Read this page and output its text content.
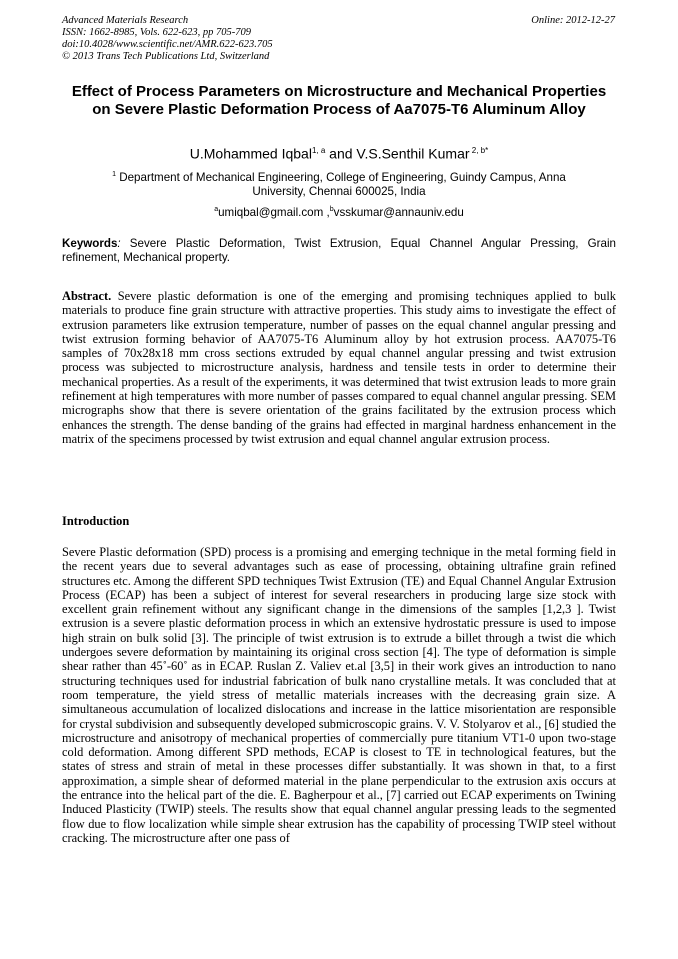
Advanced Materials Research
ISSN: 1662-8985, Vols. 622-623, pp 705-709
doi:10.4028/www.scientific.net/AMR.622-623.705
© 2013 Trans Tech Publications Ltd, Switzerland
Online: 2012-12-27
Effect of Process Parameters on Microstructure and Mechanical Properties on Severe Plastic Deformation Process of Aa7075-T6 Aluminum Alloy
U.Mohammed Iqbal$^{1, a}$ and V.S.Senthil Kumar $^{2, b*}$
$^1$ Department of Mechanical Engineering, College of Engineering, Guindy Campus, Anna University, Chennai 600025, India
$^a$umiqbal@gmail.com ,$^b$vsskumar@annauniv.edu
Keywords: Severe Plastic Deformation, Twist Extrusion, Equal Channel Angular Pressing, Grain refinement, Mechanical property.
Abstract. Severe plastic deformation is one of the emerging and promising techniques applied to bulk materials to produce fine grain structure with attractive properties. This study aims to investigate the effect of extrusion parameters like extrusion temperature, number of passes on the equal channel angular pressing and twist extrusion forming behavior of AA7075-T6 Aluminum alloy by hot extrusion process. AA7075-T6 samples of 70x28x18 mm cross sections extruded by equal channel angular pressing and twist extrusion process was subjected to microstructure analysis, hardness and tensile tests in order to determine their mechanical properties. As a result of the experiments, it was determined that twist extrusion leads to more grain refinement at high temperatures with more number of passes compared to equal channel angular pressing. SEM micrographs show that there is severe orientation of the grains facilitated by the extrusion process which enhances the strength. The dense banding of the grains had effected in marginal hardness enhancement in the matrix of the specimens processed by twist extrusion and equal channel angular extrusion process.
Introduction
Severe Plastic deformation (SPD) process is a promising and emerging technique in the metal forming field in the recent years due to several advantages such as ease of processing, obtaining ultrafine grain refined structures etc. Among the different SPD techniques Twist Extrusion (TE) and Equal Channel Angular Extrusion Process (ECAP) has been a subject of interest for several researchers in producing large size stock with excellent grain refinement without any significant change in the dimensions of the samples [1,2,3 ]. Twist extrusion is a severe plastic deformation process in which an extensive hydrostatic pressure is used to impose high strain on bulk solid [3]. The principle of twist extrusion is to extrude a billet through a twist die which undergoes severe deformation by maintaining its original cross section [4]. The type of deformation is simple shear rather than 45˚-60˚ as in ECAP. Ruslan Z. Valiev et.al [3,5] in their work gives an introduction to nano structuring techniques used for industrial fabrication of bulk nano crystalline metals. It was concluded that at room temperature, the yield stress of metallic materials increases with the decreasing grain size. A simultaneous accumulation of localized dislocations and increase in the lattice misorientation are responsible for crystal subdivision and subsequently developed submicroscopic grains. V. V. Stolyarov et al., [6] studied the microstructure and anisotropy of mechanical properties of commercially pure titanium VT1-0 upon two-stage cold deformation. Among different SPD methods, ECAP is closest to TE in technological features, but the states of stress and strain of metal in these processes differ substantially. It was shown in that, to a first approximation, a simple shear of deformed material in the plane perpendicular to the extrusion axis occurs at the entrance into the helical part of the die. E. Bagherpour et al., [7] carried out ECAP experiments on Twining Induced Plasticity (TWIP) steels. The results show that equal channel angular pressing leads to the segmented flow due to flow localization while simple shear extrusion has the capability of processing TWIP steel without cracking. The microstructure after one pass of
